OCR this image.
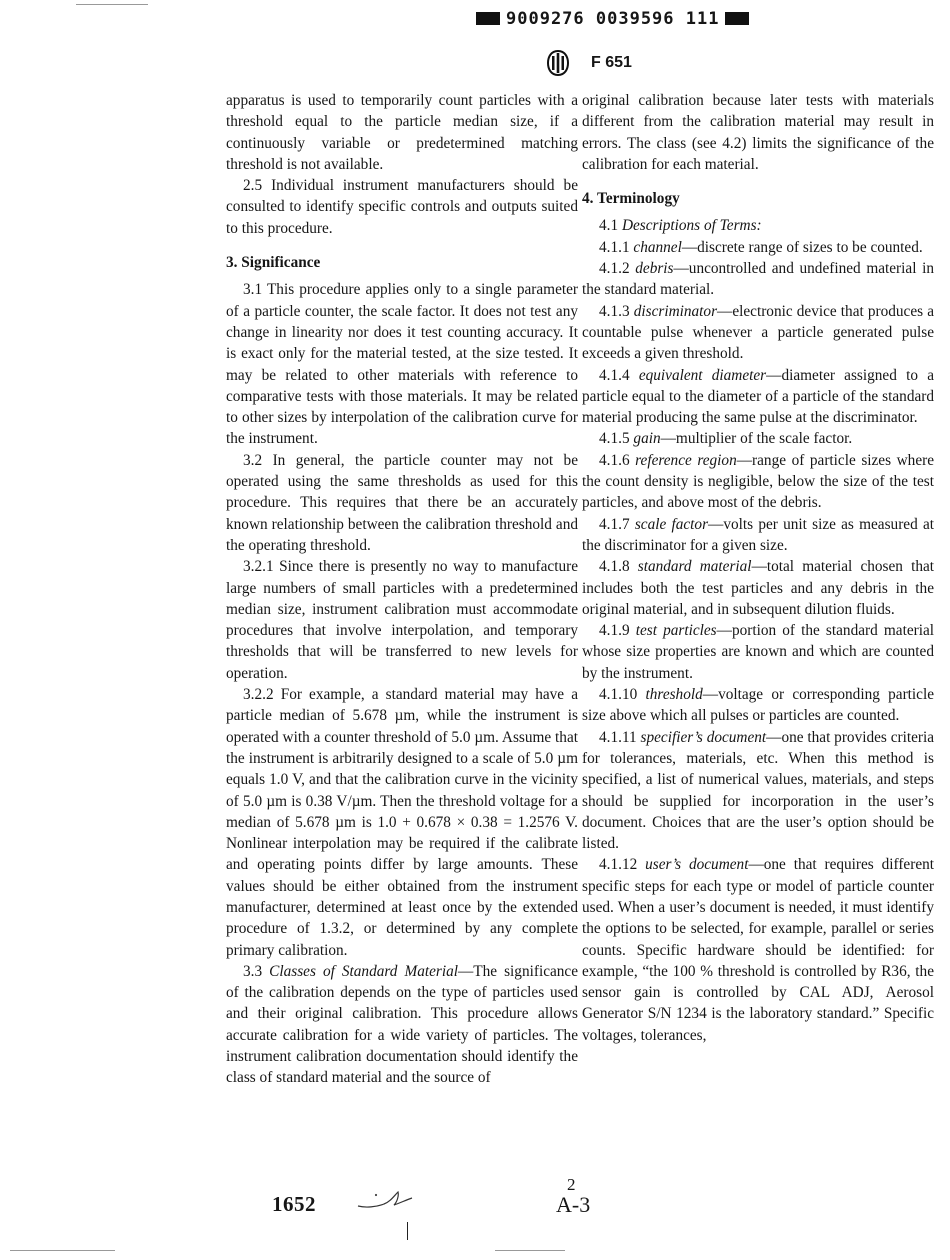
9009276 0039596 111
F 651

apparatus is used to temporarily count particles with a threshold equal to the particle median size, if a continuously variable or predetermined matching threshold is not available.

2.5 Individual instrument manufacturers should be consulted to identify specific controls and outputs suited to this procedure.

3. Significance

3.1 This procedure applies only to a single parameter of a particle counter, the scale factor. It does not test any change in linearity nor does it test counting accuracy. It is exact only for the material tested, at the size tested. It may be related to other materials with reference to comparative tests with those materials. It may be related to other sizes by interpolation of the calibration curve for the instrument.

3.2 In general, the particle counter may not be operated using the same thresholds as used for this procedure. This requires that there be an accurately known relationship between the calibration threshold and the operating threshold.

3.2.1 Since there is presently no way to manufacture large numbers of small particles with a predetermined median size, instrument calibration must accommodate procedures that involve interpolation, and temporary thresholds that will be transferred to new levels for operation.

3.2.2 For example, a standard material may have a particle median of 5.678 µm, while the instrument is operated with a counter threshold of 5.0 µm. Assume that the instrument is arbitrarily designed to a scale of 5.0 µm equals 1.0 V, and that the calibration curve in the vicinity of 5.0 µm is 0.38 V/µm. Then the threshold voltage for a median of 5.678 µm is 1.0 + 0.678 × 0.38 = 1.2576 V. Nonlinear interpolation may be required if the calibrate and operating points differ by large amounts. These values should be either obtained from the instrument manufacturer, determined at least once by the extended procedure of 1.3.2, or determined by any complete primary calibration.

3.3 Classes of Standard Material—The significance of the calibration depends on the type of particles used and their original calibration. This procedure allows accurate calibration for a wide variety of particles. The instrument calibration documentation should identify the class of standard material and the source of

original calibration because later tests with materials different from the calibration material may result in errors. The class (see 4.2) limits the significance of the calibration for each material.

4. Terminology

4.1 Descriptions of Terms:

4.1.1 channel—discrete range of sizes to be counted.

4.1.2 debris—uncontrolled and undefined material in the standard material.

4.1.3 discriminator—electronic device that produces a countable pulse whenever a particle generated pulse exceeds a given threshold.

4.1.4 equivalent diameter—diameter assigned to a particle equal to the diameter of a particle of the standard material producing the same pulse at the discriminator.

4.1.5 gain—multiplier of the scale factor.

4.1.6 reference region—range of particle sizes where the count density is negligible, below the size of the test particles, and above most of the debris.

4.1.7 scale factor—volts per unit size as measured at the discriminator for a given size.

4.1.8 standard material—total material chosen that includes both the test particles and any debris in the original material, and in subsequent dilution fluids.

4.1.9 test particles—portion of the standard material whose size properties are known and which are counted by the instrument.

4.1.10 threshold—voltage or corresponding particle size above which all pulses or particles are counted.

4.1.11 specifier’s document—one that provides criteria for tolerances, materials, etc. When this method is specified, a list of numerical values, materials, and steps should be supplied for incorporation in the user’s document. Choices that are the user’s option should be listed.

4.1.12 user’s document—one that requires different specific steps for each type or model of particle counter used. When a user’s document is needed, it must identify the options to be selected, for example, parallel or series counts. Specific hardware should be identified: for example, “the 100 % threshold is controlled by R36, the sensor gain is controlled by CAL ADJ, Aerosol Generator S/N 1234 is the laboratory standard.” Specific voltages, tolerances,

1652
2
A-3
